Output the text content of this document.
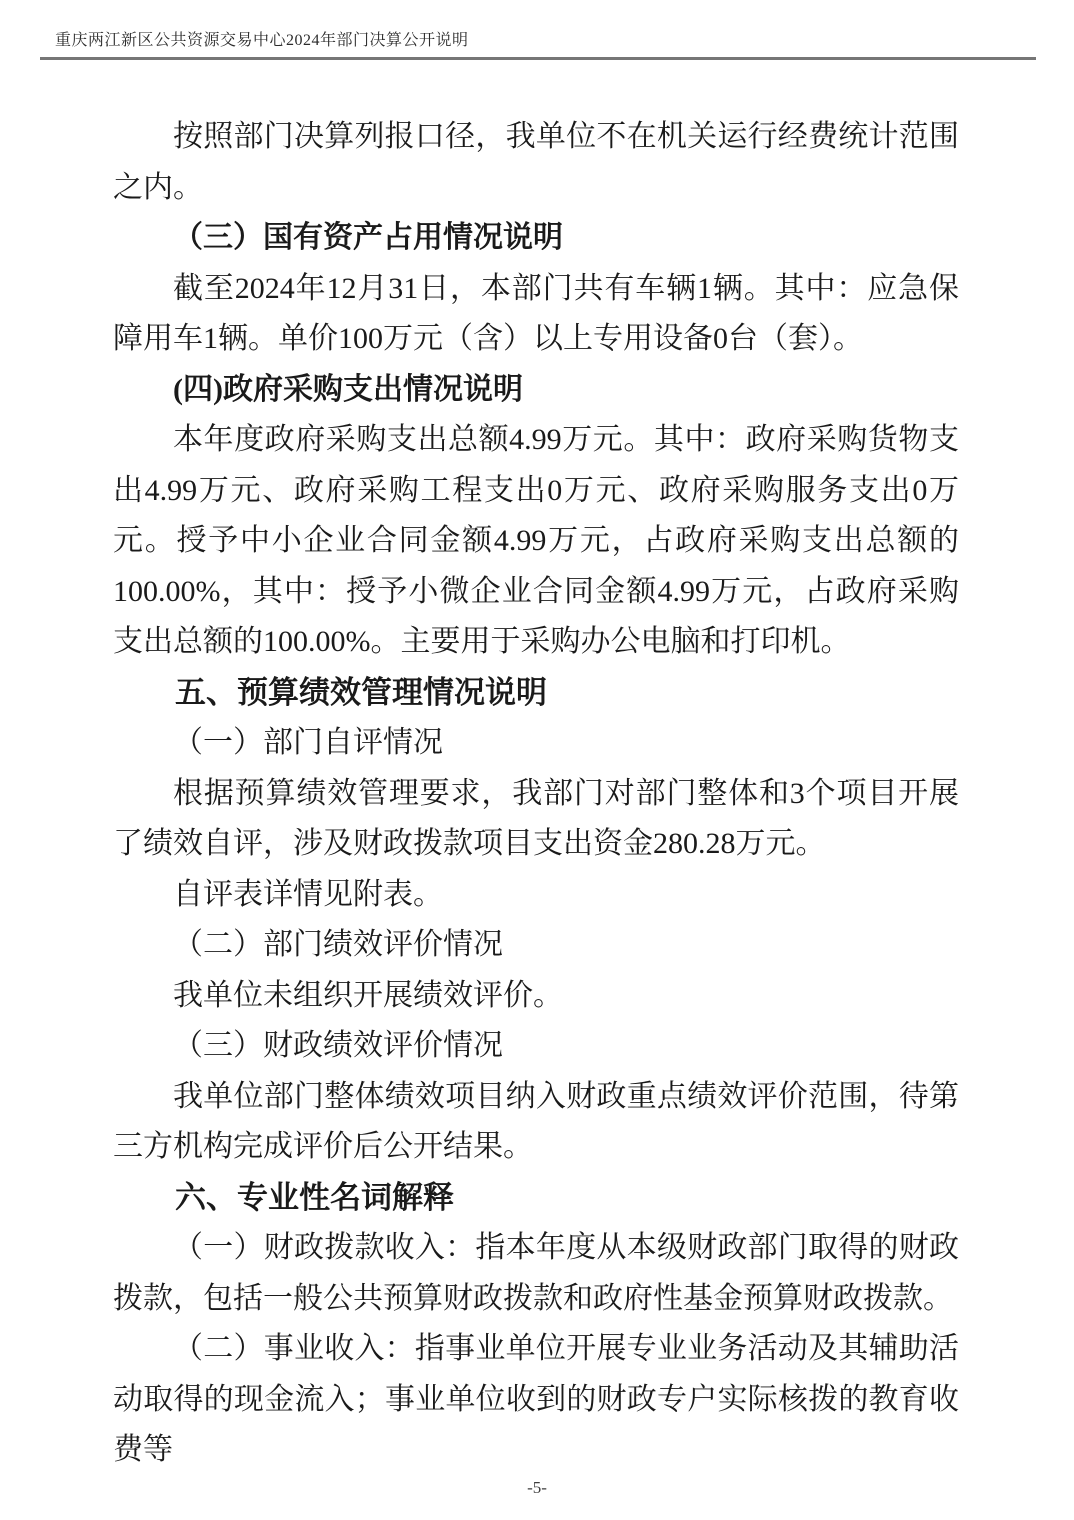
重庆两江新区公共资源交易中心2024年部门决算公开说明

按照部门决算列报口径，我单位不在机关运行经费统计范围之内。

（三）国有资产占用情况说明

截至2024年12月31日，本部门共有车辆1辆。其中：应急保障用车1辆。单价100万元（含）以上专用设备0台（套）。

(四)政府采购支出情况说明

本年度政府采购支出总额4.99万元。其中：政府采购货物支出4.99万元、政府采购工程支出0万元、政府采购服务支出0万元。授予中小企业合同金额4.99万元，占政府采购支出总额的100.00%，其中：授予小微企业合同金额4.99万元，占政府采购支出总额的100.00%。主要用于采购办公电脑和打印机。

五、预算绩效管理情况说明

（一）部门自评情况

根据预算绩效管理要求，我部门对部门整体和3个项目开展了绩效自评，涉及财政拨款项目支出资金280.28万元。

自评表详情见附表。

（二）部门绩效评价情况

我单位未组织开展绩效评价。

（三）财政绩效评价情况

我单位部门整体绩效项目纳入财政重点绩效评价范围，待第三方机构完成评价后公开结果。

六、专业性名词解释

（一）财政拨款收入：指本年度从本级财政部门取得的财政拨款，包括一般公共预算财政拨款和政府性基金预算财政拨款。

（二）事业收入：指事业单位开展专业业务活动及其辅助活动取得的现金流入；事业单位收到的财政专户实际核拨的教育收费等

-5-
